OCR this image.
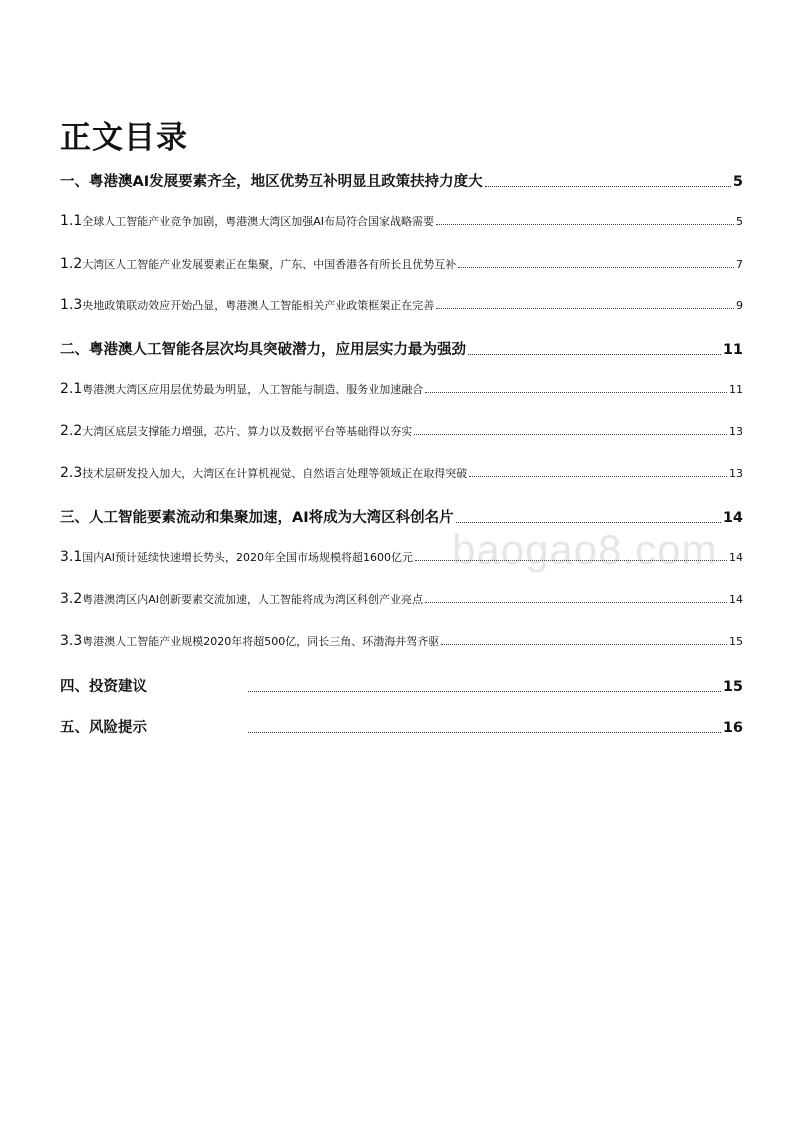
正文目录
baogao8.com
一、粤港澳AI发展要素齐全，地区优势互补明显且政策扶持力度大	5
1.1全球人工智能产业竞争加剧，粤港澳大湾区加强AI布局符合国家战略需要	5
1.2大湾区人工智能产业发展要素正在集聚，广东、中国香港各有所长且优势互补	7
1.3央地政策联动效应开始凸显，粤港澳人工智能相关产业政策框架正在完善	9
二、粤港澳人工智能各层次均具突破潜力，应用层实力最为强劲	11
2.1粤港澳大湾区应用层优势最为明显，人工智能与制造、服务业加速融合	11
2.2大湾区底层支撑能力增强，芯片、算力以及数据平台等基础得以夯实	13
2.3技术层研发投入加大，大湾区在计算机视觉、自然语言处理等领域正在取得突破	13
三、人工智能要素流动和集聚加速，AI将成为大湾区科创名片	14
3.1国内AI预计延续快速增长势头，2020年全国市场规模将超1600亿元	14
3.2粤港澳湾区内AI创新要素交流加速，人工智能将成为湾区科创产业亮点	14
3.3粤港澳人工智能产业规模2020年将超500亿，同长三角、环渤海并驾齐驱	15
四、投资建议	15
五、风险提示	16
